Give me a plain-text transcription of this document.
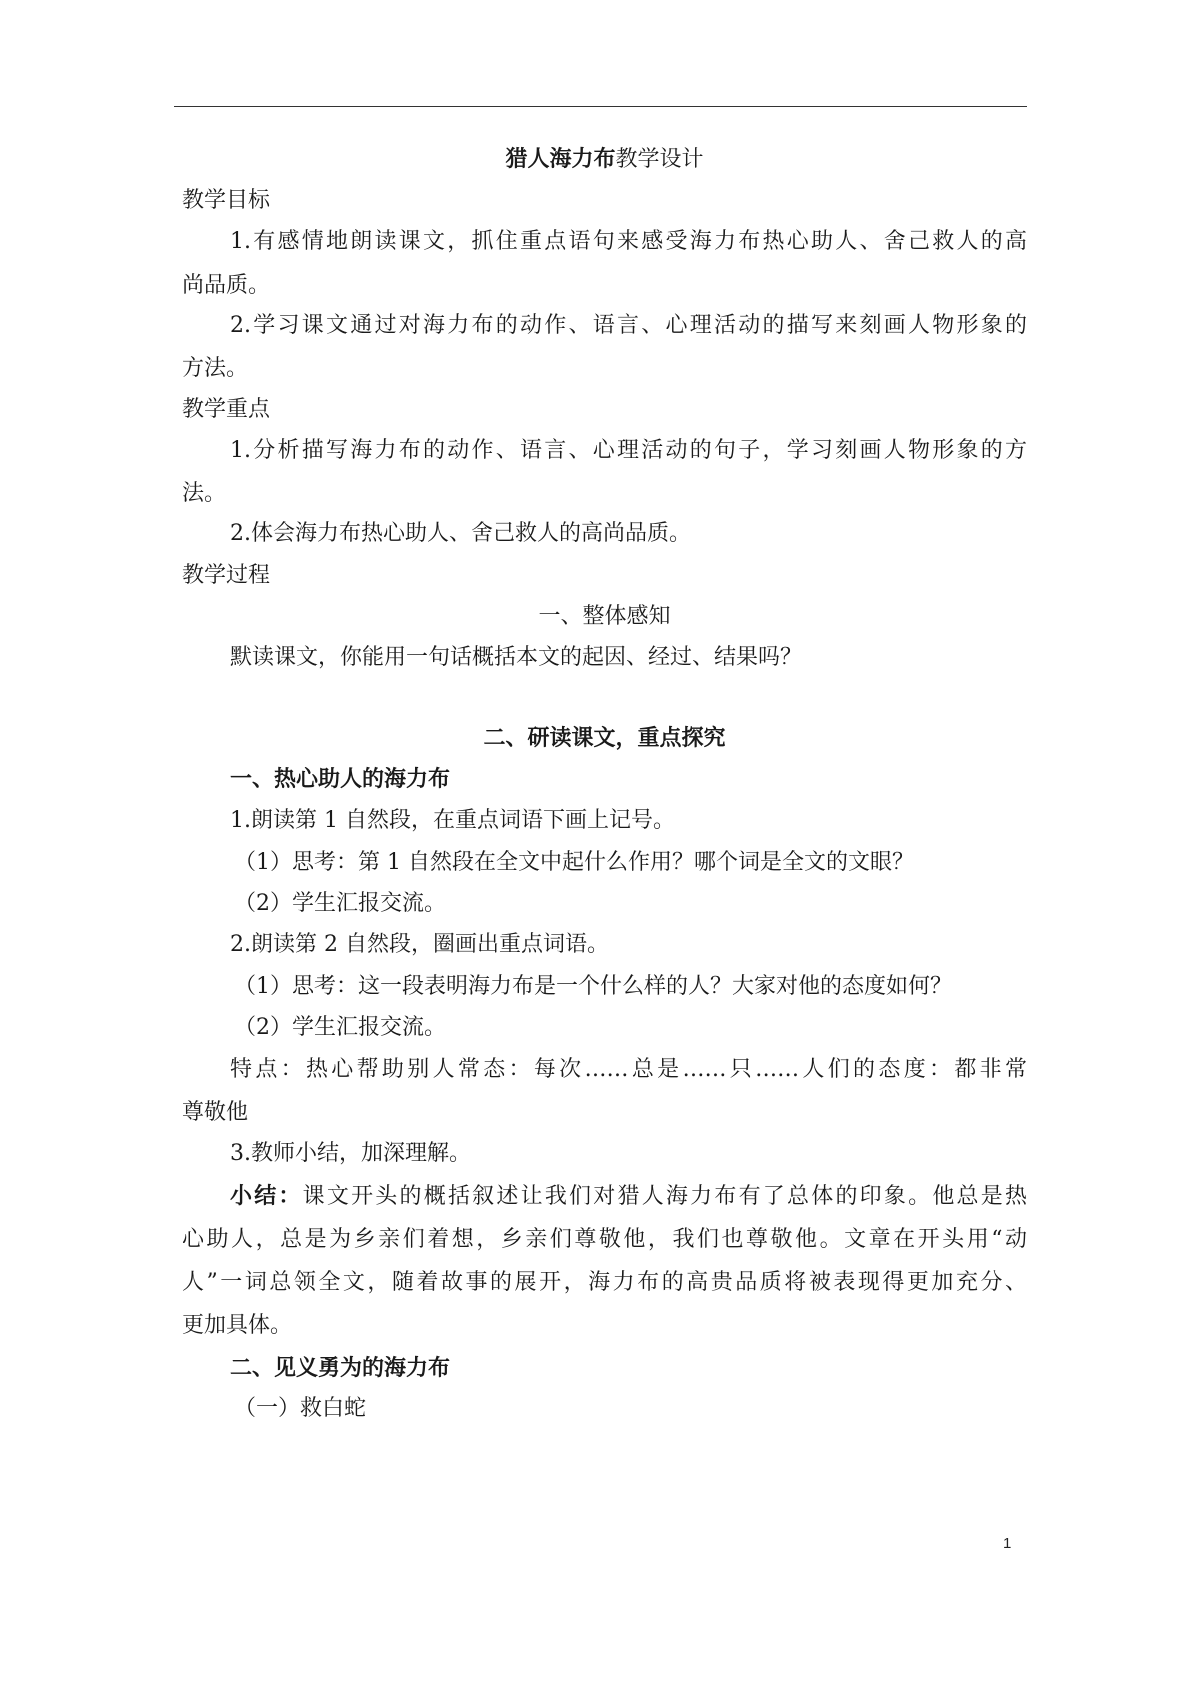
猎人海力布教学设计
教学目标
1.有感情地朗读课文，抓住重点语句来感受海力布热心助人、舍己救人的高
尚品质。
2.学习课文通过对海力布的动作、语言、心理活动的描写来刻画人物形象的
方法。
教学重点
1.分析描写海力布的动作、语言、心理活动的句子，学习刻画人物形象的方
法。
2.体会海力布热心助人、舍己救人的高尚品质。
教学过程
一、整体感知
默读课文，你能用一句话概括本文的起因、经过、结果吗？
二、研读课文，重点探究
一、热心助人的海力布
1.朗读第 1 自然段，在重点词语下画上记号。
（1）思考：第 1 自然段在全文中起什么作用？哪个词是全文的文眼？
（2）学生汇报交流。
2.朗读第 2 自然段，圈画出重点词语。
（1）思考：这一段表明海力布是一个什么样的人？大家对他的态度如何？
（2）学生汇报交流。
特点：热心帮助别人常态：每次……总是……只……人们的态度：都非常
尊敬他
3.教师小结，加深理解。
小结：课文开头的概括叙述让我们对猎人海力布有了总体的印象。他总是热
心助人，总是为乡亲们着想，乡亲们尊敬他，我们也尊敬他。文章在开头用“动
人”一词总领全文，随着故事的展开，海力布的高贵品质将被表现得更加充分、
更加具体。
二、见义勇为的海力布
（一）救白蛇
1
